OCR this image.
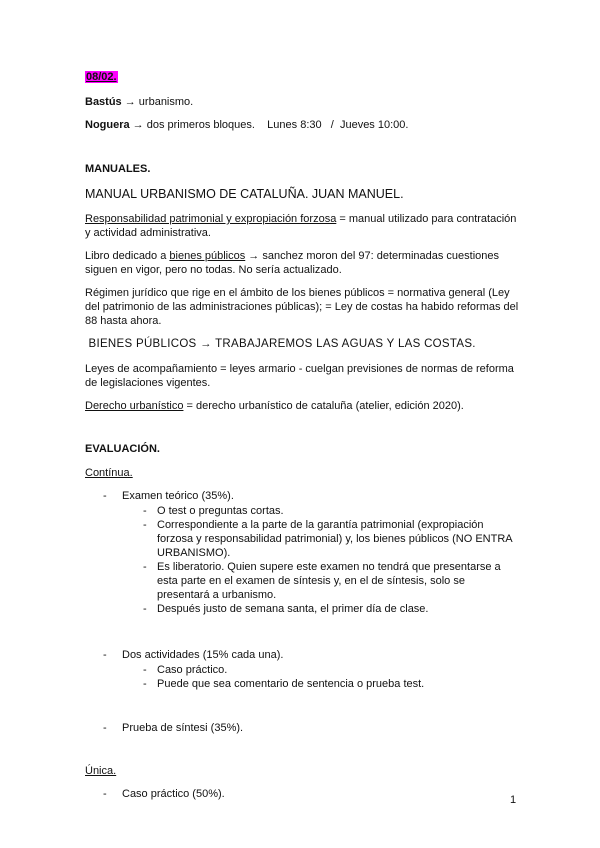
08/02.

Bastús → urbanismo.

Noguera → dos primeros bloques.    Lunes 8:30   /  Jueves 10:00.

MANUALES.

MANUAL URBANISMO DE CATALUÑA. JUAN MANUEL.

Responsabilidad patrimonial y expropiación forzosa = manual utilizado para contratación y actividad administrativa.

Libro dedicado a bienes públicos → sanchez moron del 97: determinadas cuestiones siguen en vigor, pero no todas. No sería actualizado.

Régimen jurídico que rige en el ámbito de los bienes públicos = normativa general (Ley del patrimonio de las administraciones públicas); = Ley de costas ha habido reformas del 88 hasta ahora.

BIENES PÚBLICOS → TRABAJAREMOS LAS AGUAS Y LAS COSTAS.

Leyes de acompañamiento = leyes armario - cuelgan previsiones de normas de reforma de legislaciones vigentes.

Derecho urbanístico = derecho urbanístico de cataluña (atelier, edición 2020).

EVALUACIÓN.

Contínua.

- Examen teórico (35%).
- O test o preguntas cortas.
- Correspondiente a la parte de la garantía patrimonial (expropiación forzosa y responsabilidad patrimonial) y, los bienes públicos (NO ENTRA URBANISMO).
- Es liberatorio. Quien supere este examen no tendrá que presentarse a esta parte en el examen de síntesis y, en el de síntesis, solo se presentará a urbanismo.
- Después justo de semana santa, el primer día de clase.
- Dos actividades (15% cada una).
- Caso práctico.
- Puede que sea comentario de sentencia o prueba test.
- Prueba de síntesi (35%).

Única.

- Caso práctico (50%).	1
